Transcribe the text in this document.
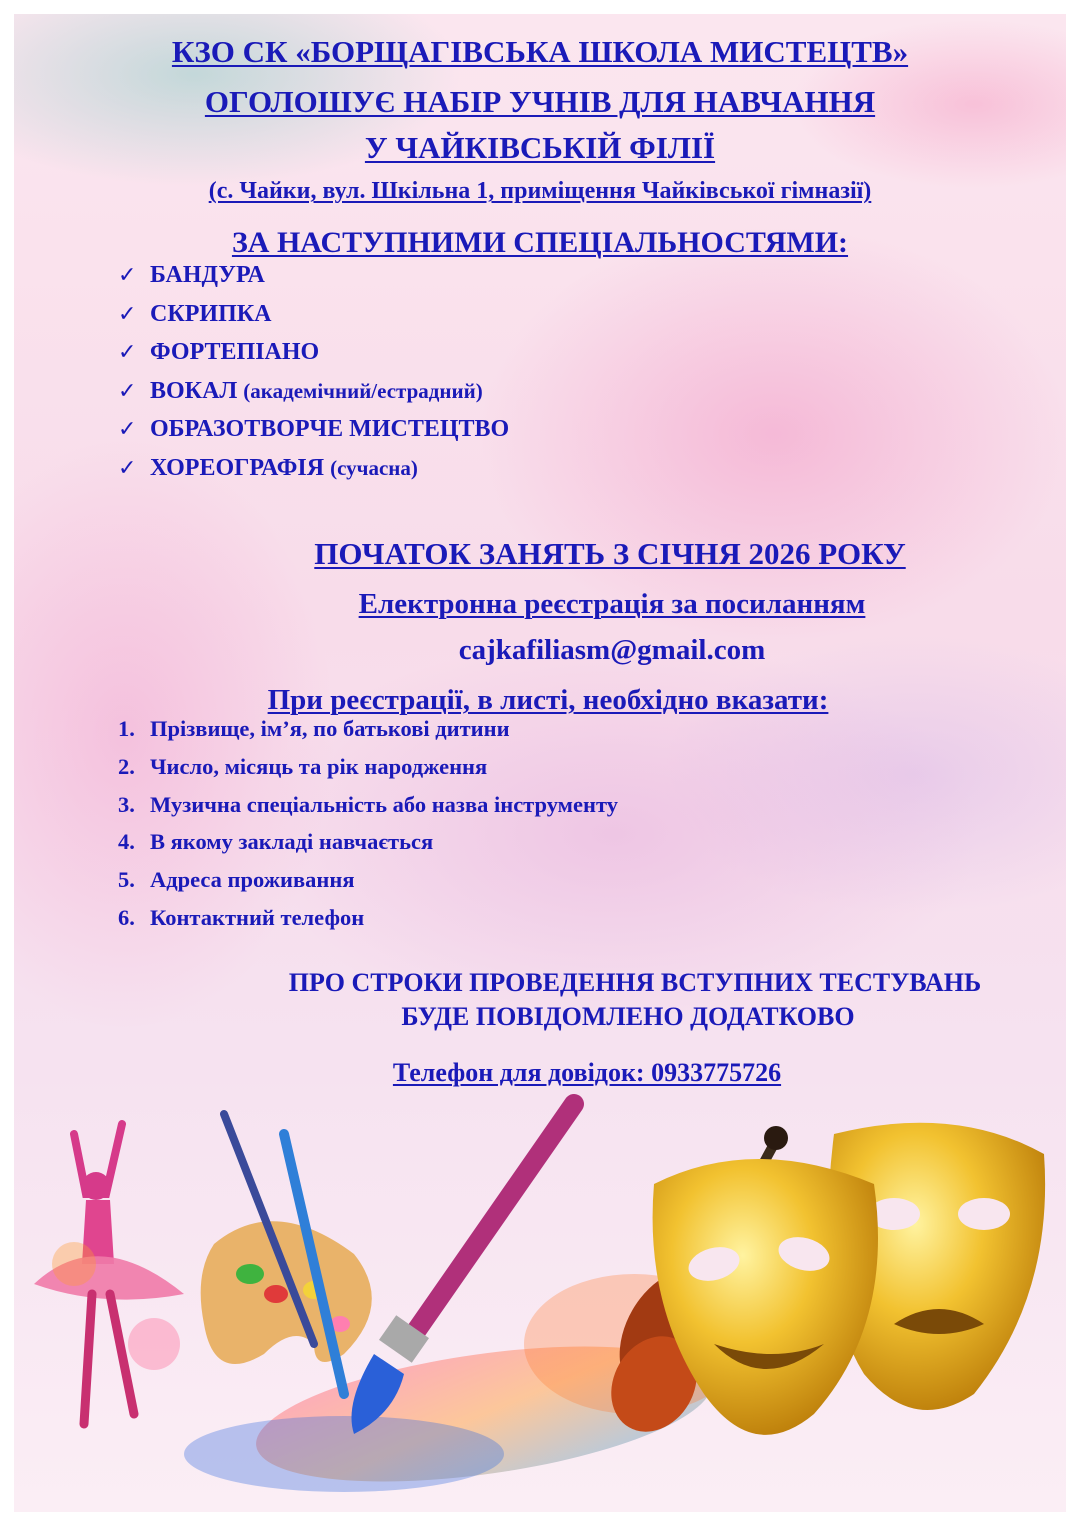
КЗО СК «БОРЩАГІВСЬКА ШКОЛА МИСТЕЦТВ»
ОГОЛОШУЄ НАБІР УЧНІВ ДЛЯ НАВЧАННЯ
У ЧАЙКІВСЬКІЙ ФІЛІЇ
(с. Чайки, вул. Шкільна 1, приміщення Чайківської гімназії)
ЗА НАСТУПНИМИ СПЕЦІАЛЬНОСТЯМИ:
✓ БАНДУРА
✓ СКРИПКА
✓ ФОРТЕПІАНО
✓ ВОКАЛ (академічний/естрадний)
✓ ОБРАЗОТВОРЧЕ МИСТЕЦТВО
✓ ХОРЕОГРАФІЯ (сучасна)
ПОЧАТОК ЗАНЯТЬ З СІЧНЯ 2026 РОКУ
Електронна реєстрація за посиланням
cajkafiliasm@gmail.com
При реєстрації, в листі, необхідно вказати:
1. Прізвище, ім’я, по батькові дитини
2. Число, місяць та рік народження
3. Музична спеціальність або назва інструменту
4. В якому закладі навчається
5. Адреса проживання
6. Контактний телефон
ПРО СТРОКИ ПРОВЕДЕННЯ ВСТУПНИХ ТЕСТУВАНЬ
БУДЕ ПОВІДОМЛЕНО ДОДАТКОВО
Телефон для довідок: 0933775726
